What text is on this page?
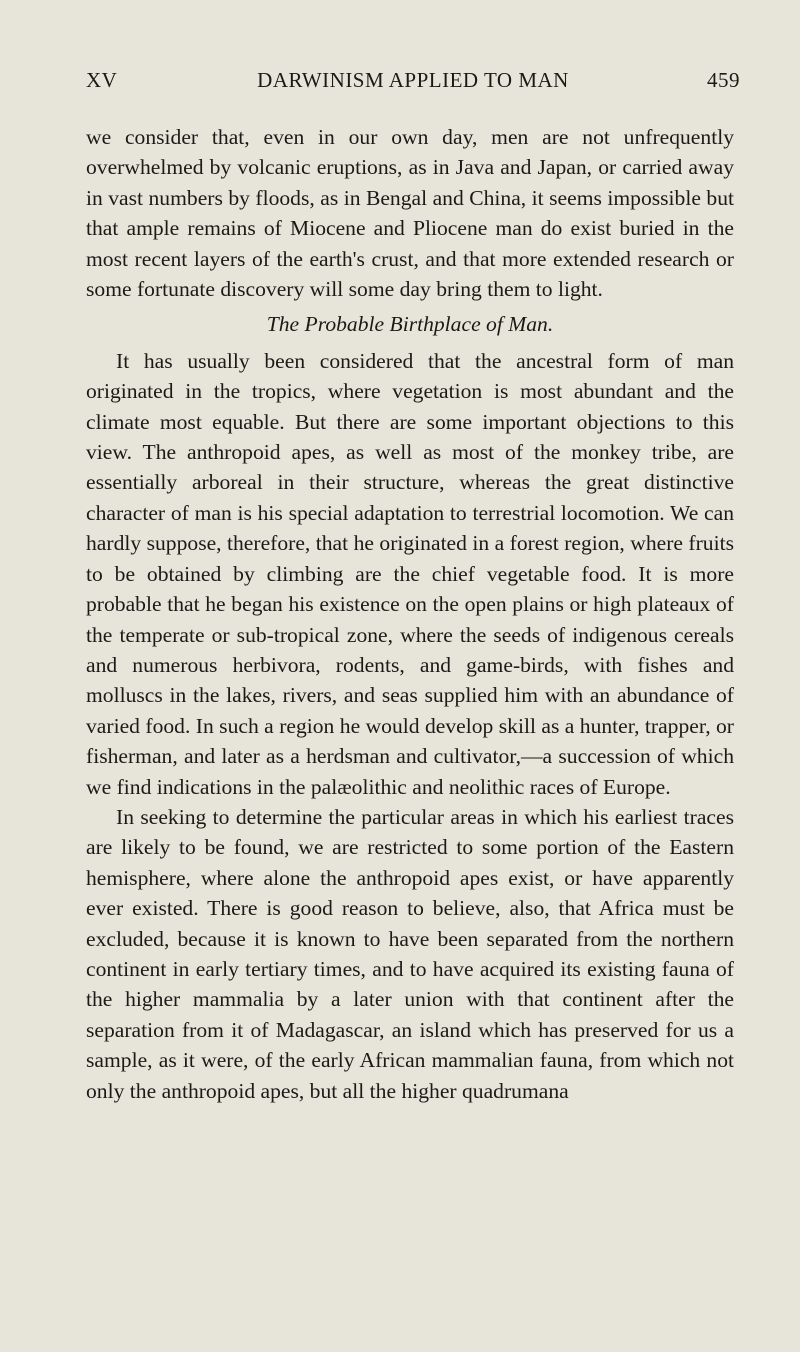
XV	DARWINISM APPLIED TO MAN	459

we consider that, even in our own day, men are not unfrequently overwhelmed by volcanic eruptions, as in Java and Japan, or carried away in vast numbers by floods, as in Bengal and China, it seems impossible but that ample remains of Miocene and Pliocene man do exist buried in the most recent layers of the earth's crust, and that more extended research or some fortunate discovery will some day bring them to light.

The Probable Birthplace of Man.

It has usually been considered that the ancestral form of man originated in the tropics, where vegetation is most abundant and the climate most equable. But there are some important objections to this view. The anthropoid apes, as well as most of the monkey tribe, are essentially arboreal in their structure, whereas the great distinctive character of man is his special adaptation to terrestrial locomotion. We can hardly suppose, therefore, that he originated in a forest region, where fruits to be obtained by climbing are the chief vegetable food. It is more probable that he began his existence on the open plains or high plateaux of the temperate or sub-tropical zone, where the seeds of indigenous cereals and numerous herbivora, rodents, and game-birds, with fishes and molluscs in the lakes, rivers, and seas supplied him with an abundance of varied food. In such a region he would develop skill as a hunter, trapper, or fisherman, and later as a herdsman and cultivator,—a succession of which we find indications in the palæolithic and neolithic races of Europe.

In seeking to determine the particular areas in which his earliest traces are likely to be found, we are restricted to some portion of the Eastern hemisphere, where alone the anthropoid apes exist, or have apparently ever existed. There is good reason to believe, also, that Africa must be excluded, because it is known to have been separated from the northern continent in early tertiary times, and to have acquired its existing fauna of the higher mammalia by a later union with that continent after the separation from it of Madagascar, an island which has preserved for us a sample, as it were, of the early African mammalian fauna, from which not only the anthropoid apes, but all the higher quadrumana
